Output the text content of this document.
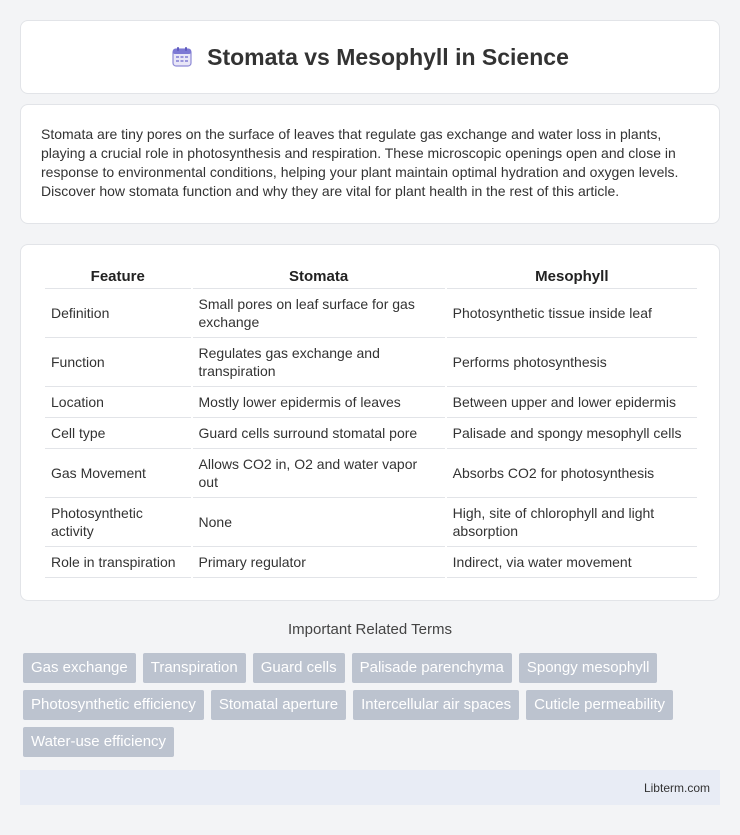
Stomata vs Mesophyll in Science

Stomata are tiny pores on the surface of leaves that regulate gas exchange and water loss in plants, playing a crucial role in photosynthesis and respiration. These microscopic openings open and close in response to environmental conditions, helping your plant maintain optimal hydration and oxygen levels. Discover how stomata function and why they are vital for plant health in the rest of this article.

Feature	Stomata	Mesophyll
Definition	Small pores on leaf surface for gas exchange	Photosynthetic tissue inside leaf
Function	Regulates gas exchange and transpiration	Performs photosynthesis
Location	Mostly lower epidermis of leaves	Between upper and lower epidermis
Cell type	Guard cells surround stomatal pore	Palisade and spongy mesophyll cells
Gas Movement	Allows CO2 in, O2 and water vapor out	Absorbs CO2 for photosynthesis
Photosynthetic activity	None	High, site of chlorophyll and light absorption
Role in transpiration	Primary regulator	Indirect, via water movement
Important Related Terms
Gas exchange	Transpiration	Guard cells	Palisade parenchyma	Spongy mesophyll
Photosynthetic efficiency	Stomatal aperture	Intercellular air spaces	Cuticle permeability
Water-use efficiency
Libterm.com
